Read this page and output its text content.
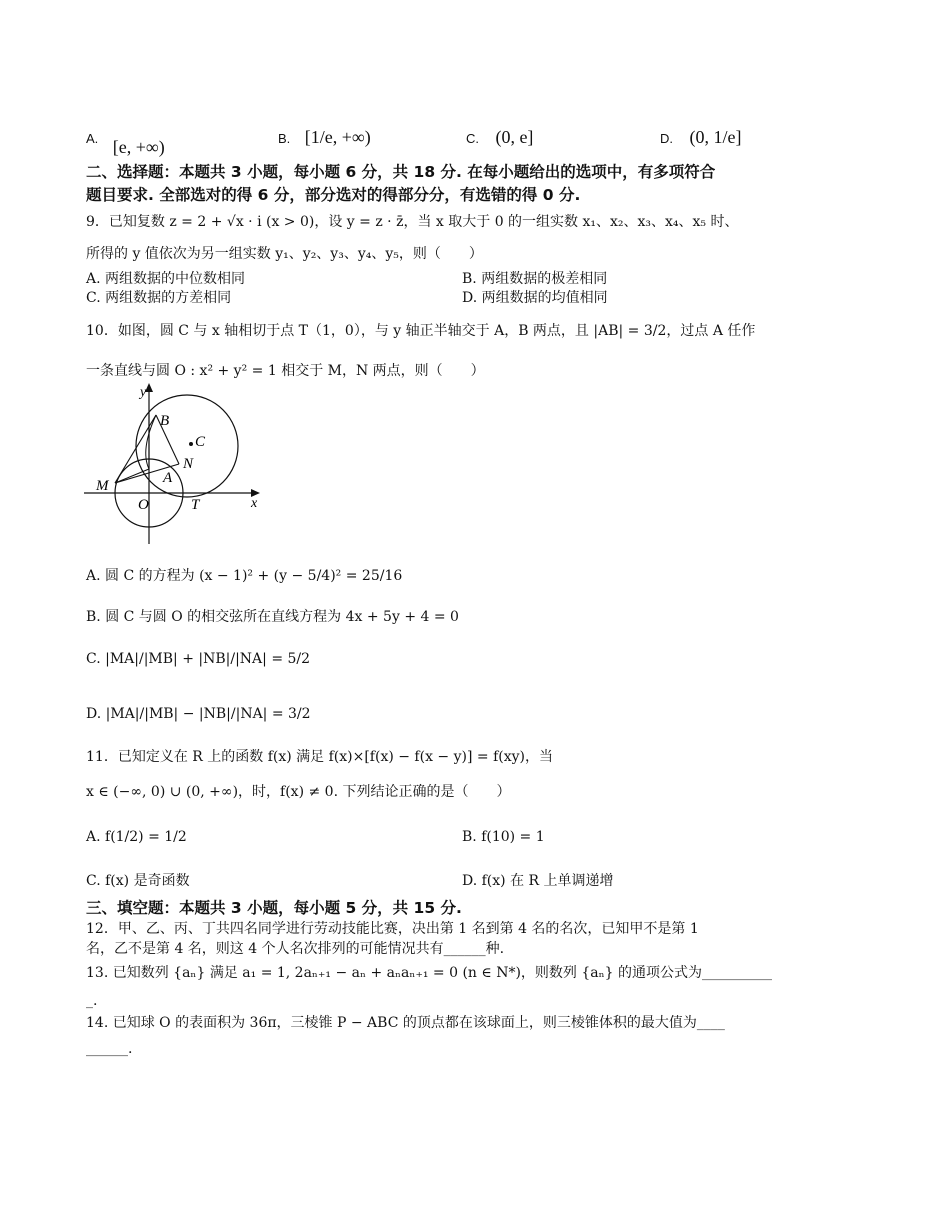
A. [e, +∞)	B. [1/e, +∞)	C. (0, e]	D. (0, 1/e]
二、选择题：本题共 3 小题，每小题 6 分，共 18 分. 在每小题给出的选项中，有多项符合
题目要求. 全部选对的得 6 分，部分选对的得部分分，有选错的得 0 分.
9．已知复数 z = 2 + √x · i (x > 0)，设 y = z · z̄，当 x 取大于 0 的一组实数 x₁、x₂、x₃、x₄、x₅ 时、
所得的 y 值依次为另一组实数 y₁、y₂、y₃、y₄、y₅，则（　　）
A. 两组数据的中位数相同	B. 两组数据的极差相同
C. 两组数据的方差相同	D. 两组数据的均值相同
10．如图，圆 C 与 x 轴相切于点 T（1，0），与 y 轴正半轴交于 A，B 两点，且 |AB| = 3/2，过点 A 任作
一条直线与圆 O : x² + y² = 1 相交于 M，N 两点，则（　　）
y
x
B
C
N
M	A
O	T
A. 圆 C 的方程为 (x − 1)² + (y − 5/4)² = 25/16
B. 圆 C 与圆 O 的相交弦所在直线方程为 4x + 5y + 4 = 0
C. |MA|/|MB| + |NB|/|NA| = 5/2
D. |MA|/|MB| − |NB|/|NA| = 3/2
11．已知定义在 R 上的函数 f(x) 满足 f(x)×[f(x) − f(x − y)] = f(xy)，当
x ∈ (−∞, 0) ∪ (0, +∞)，时，f(x) ≠ 0. 下列结论正确的是（　　）
A. f(1/2) = 1/2	B. f(10) = 1
C. f(x) 是奇函数	D. f(x) 在 R 上单调递增
三、填空题：本题共 3 小题，每小题 5 分，共 15 分.
12．甲、乙、丙、丁共四名同学进行劳动技能比赛，决出第 1 名到第 4 名的名次，已知甲不是第 1
名，乙不是第 4 名，则这 4 个人名次排列的可能情况共有______种.
13. 已知数列 {aₙ} 满足 a₁ = 1, 2aₙ₊₁ − aₙ + aₙaₙ₊₁ = 0 (n ∈ N*)，则数列 {aₙ} 的通项公式为__________
_.
14. 已知球 O 的表面积为 36π，三棱锥 P − ABC 的顶点都在该球面上，则三棱锥体积的最大值为____
______.
